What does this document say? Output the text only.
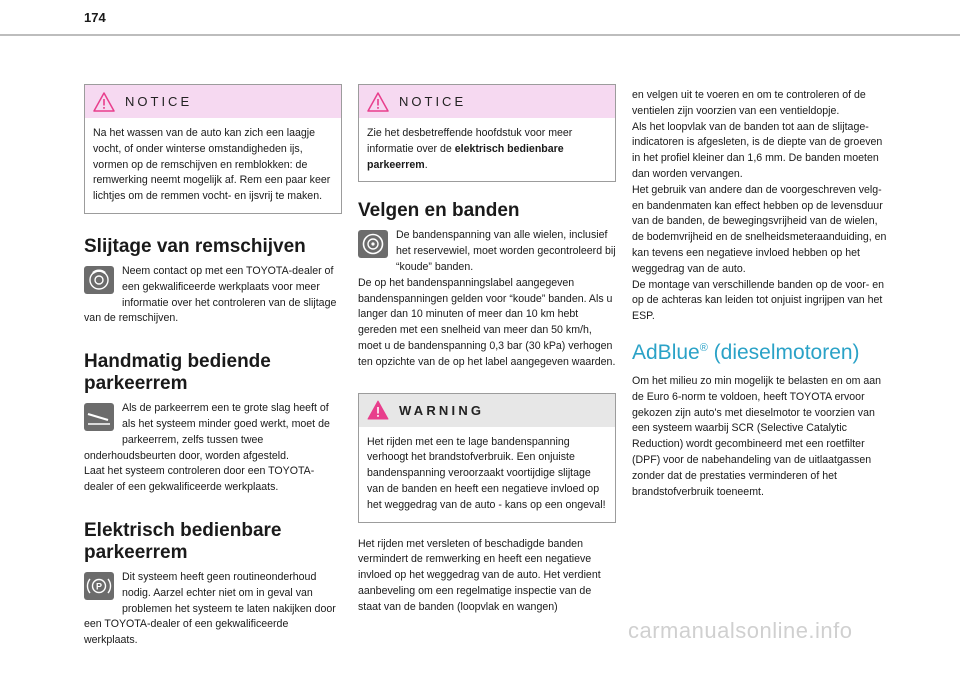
174
NOTICE
Na het wassen van de auto kan zich een laagje vocht, of onder winterse omstandigheden ijs, vormen op de remschijven en remblokken: de remwerking neemt mogelijk af. Rem een paar keer lichtjes om de remmen vocht- en ijsvrij te maken.
Slijtage van remschijven

Neem contact op met een TOYOTA-dealer of een gekwalificeerde werkplaats voor meer informatie over het controleren van de slijtage van de remschijven.

Handmatig bediende parkeerrem

Als de parkeerrem een te grote slag heeft of als het systeem minder goed werkt, moet de parkeerrem, zelfs tussen twee onderhoudsbeurten door, worden afgesteld.

Laat het systeem controleren door een TOYOTA-dealer of een gekwalificeerde werkplaats.

Elektrisch bedienbare parkeerrem
P

Dit systeem heeft geen routineonderhoud nodig. Aarzel echter niet om in geval van problemen het systeem te laten nakijken door een TOYOTA-dealer of een gekwalificeerde werkplaats.

NOTICE
Zie het desbetreffende hoofdstuk voor meer informatie over de elektrisch bedienbare parkeerrem.
Velgen en banden

De bandenspanning van alle wielen, inclusief het reservewiel, moet worden gecontroleerd bij “koude” banden.

De op het bandenspanningslabel aangegeven bandenspanningen gelden voor “koude” banden. Als u langer dan 10 minuten of meer dan 10 km hebt gereden met een snelheid van meer dan 50 km/h, moet u de bandenspanning 0,3 bar (30 kPa) verhogen ten opzichte van de op het label aangegeven waarden.

WARNING
Het rijden met een te lage bandenspanning verhoogt het brandstofverbruik. Een onjuiste bandenspanning veroorzaakt voortijdige slijtage van de banden en heeft een negatieve invloed op het weggedrag van de auto - kans op een ongeval!

Het rijden met versleten of beschadigde banden vermindert de remwerking en heeft een negatieve invloed op het weggedrag van de auto. Het verdient aanbeveling om een regelmatige inspectie van de staat van de banden (loopvlak en wangen)

en velgen uit te voeren en om te controleren of de ventielen zijn voorzien van een ventieldopje.

Als het loopvlak van de banden tot aan de slijtage-indicatoren is afgesleten, is de diepte van de groeven in het profiel kleiner dan 1,6 mm. De banden moeten dan worden vervangen.

Het gebruik van andere dan de voorgeschreven velg- en bandenmaten kan effect hebben op de levensduur van de banden, de bewegingsvrijheid van de wielen, de bodemvrijheid en de snelheidsmeteraanduiding, en kan tevens een negatieve invloed hebben op het weggedrag van de auto.

De montage van verschillende banden op de voor- en op de achteras kan leiden tot onjuist ingrijpen van het ESP.

AdBlue® (dieselmotoren)

Om het milieu zo min mogelijk te belasten en om aan de Euro 6-norm te voldoen, heeft TOYOTA ervoor gekozen zijn auto's met dieselmotor te voorzien van een systeem waarbij SCR (Selective Catalytic Reduction) wordt gecombineerd met een roetfilter (DPF) voor de nabehandeling van de uitlaatgassen zonder dat de prestaties verminderen of het brandstofverbruik toeneemt.

carmanualsonline.info
